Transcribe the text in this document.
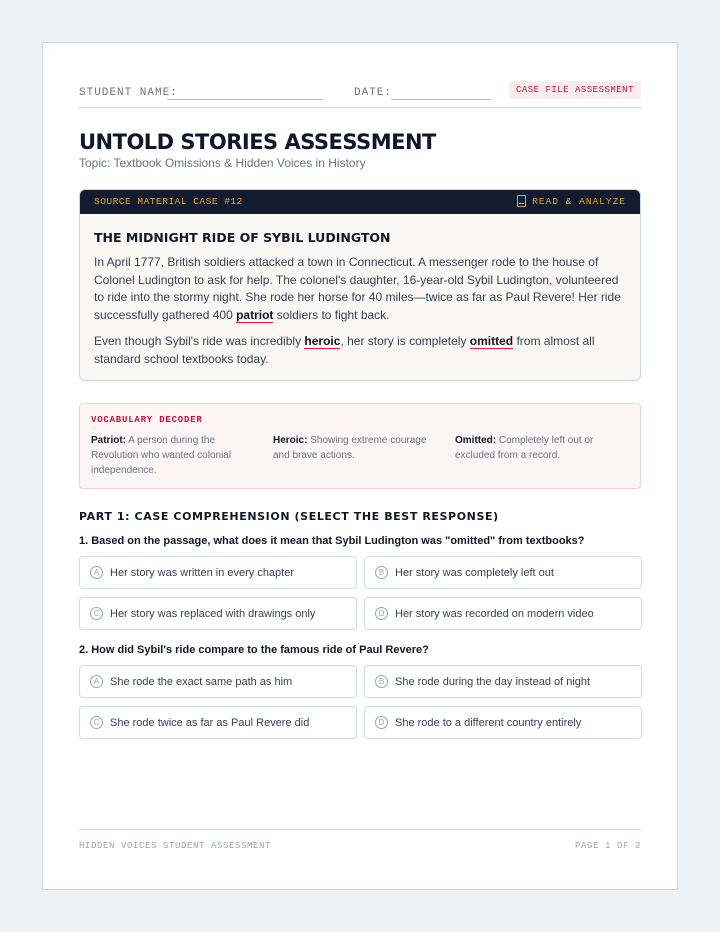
STUDENT NAME:	DATE:	CASE FILE ASSESSMENT
UNTOLD STORIES ASSESSMENT
Topic: Textbook Omissions & Hidden Voices in History
SOURCE MATERIAL CASE #12	READ & ANALYZE
THE MIDNIGHT RIDE OF SYBIL LUDINGTON

In April 1777, British soldiers attacked a town in Connecticut. A messenger rode to the house of Colonel Ludington to ask for help. The colonel's daughter, 16-year-old Sybil Ludington, volunteered to ride into the stormy night. She rode her horse for 40 miles—twice as far as Paul Revere! Her ride successfully gathered 400 patriot soldiers to fight back.

Even though Sybil's ride was incredibly heroic, her story is completely omitted from almost all standard school textbooks today.

VOCABULARY DECODER
Patriot: A person during the Revolution who wanted colonial independence.
Heroic: Showing extreme courage and brave actions.
Omitted: Completely left out or excluded from a record.
PART 1: CASE COMPREHENSION (SELECT THE BEST RESPONSE)
1. Based on the passage, what does it mean that Sybil Ludington was "omitted" from textbooks?
A Her story was written in every chapter	B Her story was completely left out
C Her story was replaced with drawings only	D Her story was recorded on modern video
2. How did Sybil's ride compare to the famous ride of Paul Revere?
A She rode the exact same path as him	B She rode during the day instead of night
C She rode twice as far as Paul Revere did	D She rode to a different country entirely
HIDDEN VOICES STUDENT ASSESSMENT	PAGE 1 OF 2
